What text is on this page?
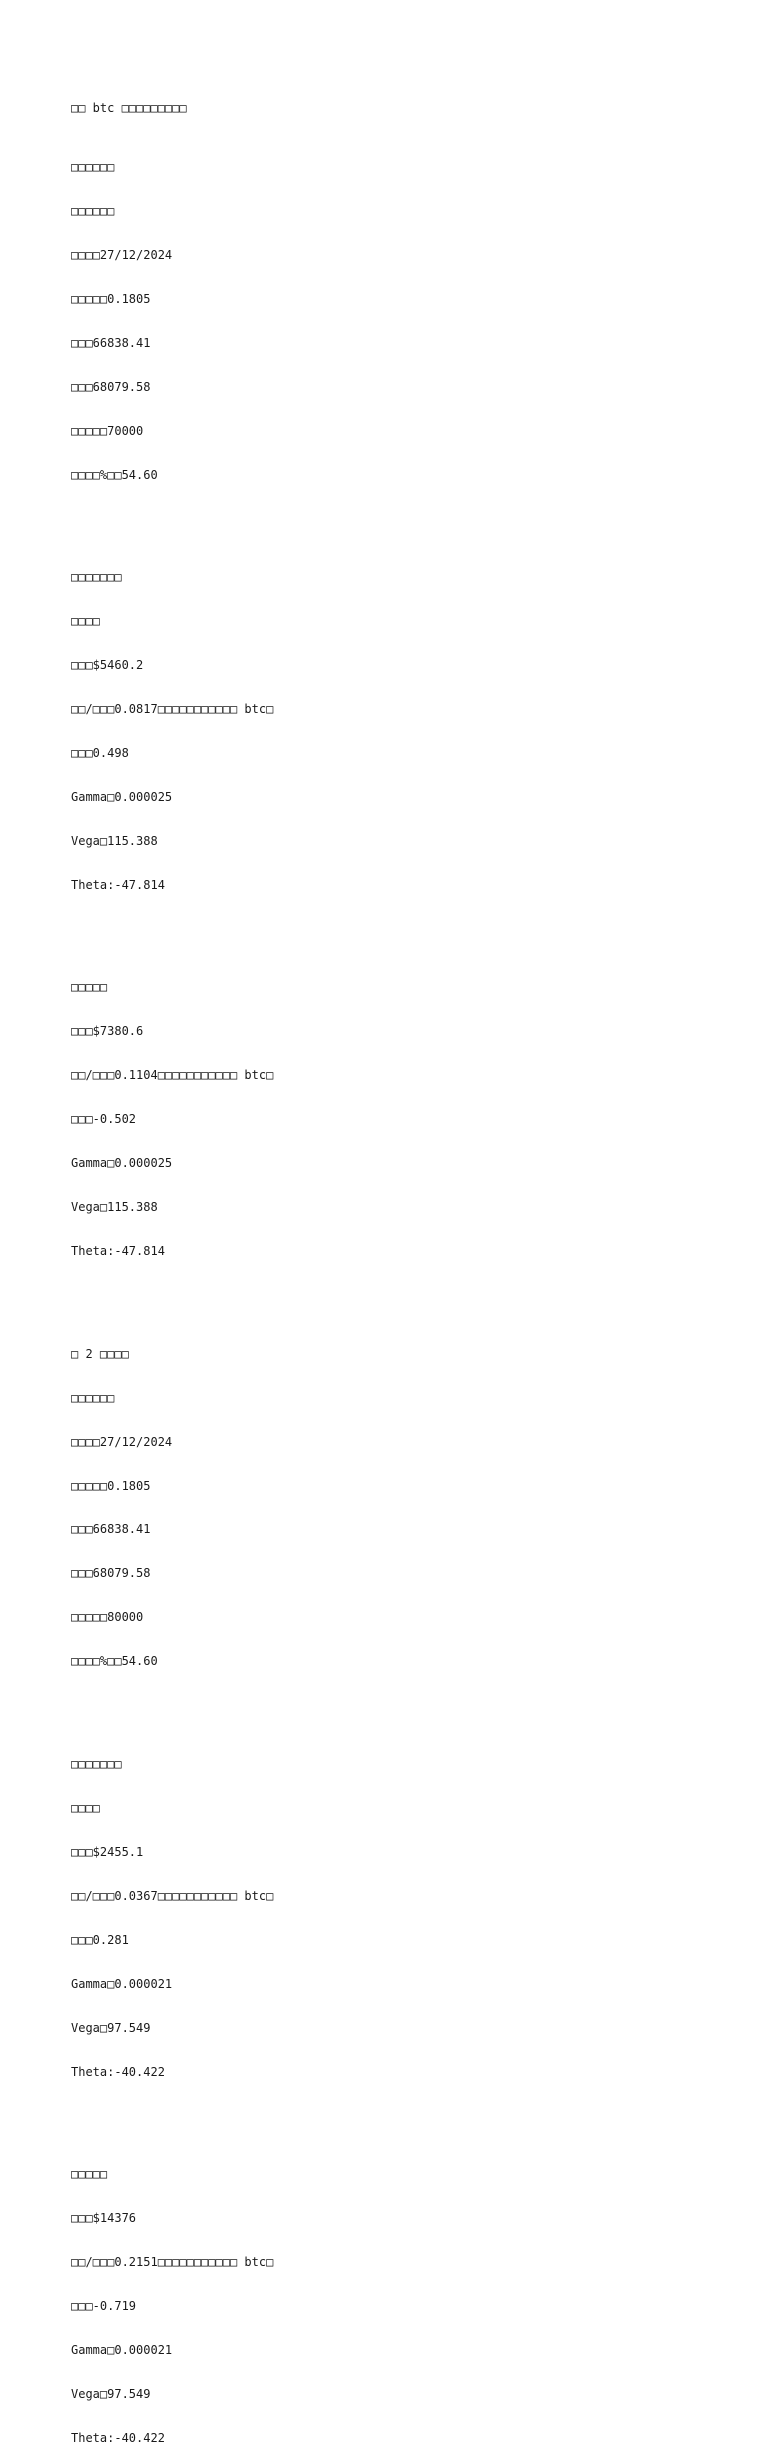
□□ btc □□□□□□□□□

□□□□□□

□□□□□□

□□□□27/12/2024

□□□□□0.1805

□□□66838.41

□□□68079.58

□□□□□70000

□□□□%□□54.60

□□□□□□□

□□□□

□□□$5460.2

□□/□□□0.0817□□□□□□□□□□□ btc□

□□□0.498

Gamma□0.000025

Vega□115.388

Theta:-47.814

□□□□□

□□□$7380.6

□□/□□□0.1104□□□□□□□□□□□ btc□

□□□-0.502

Gamma□0.000025

Vega□115.388

Theta:-47.814

□ 2 □□□□

□□□□□□

□□□□27/12/2024

□□□□□0.1805

□□□66838.41

□□□68079.58

□□□□□80000

□□□□%□□54.60

□□□□□□□

□□□□

□□□$2455.1

□□/□□□0.0367□□□□□□□□□□□ btc□

□□□0.281

Gamma□0.000021

Vega□97.549

Theta:-40.422

□□□□□

□□□$14376

□□/□□□0.2151□□□□□□□□□□□ btc□

□□□-0.719

Gamma□0.000021

Vega□97.549

Theta:-40.422
